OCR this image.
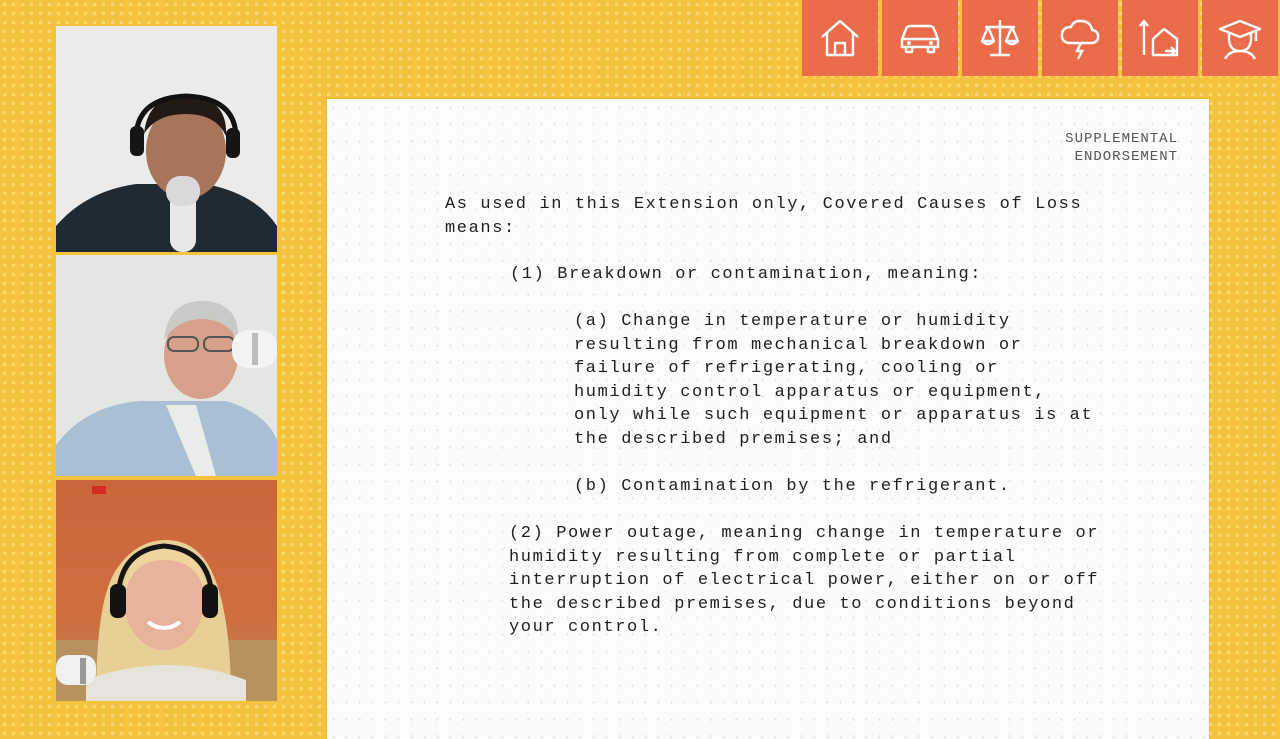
SUPPLEMENTAL
ENDORSEMENT
As used in this Extension only, Covered Causes of Loss
means:
(1) Breakdown or contamination, meaning:
(a) Change in temperature or humidity
resulting from mechanical breakdown or
failure of refrigerating, cooling or
humidity control apparatus or equipment,
only while such equipment or apparatus is at
the described premises; and
(b) Contamination by the refrigerant.
(2) Power outage, meaning change in temperature or
humidity resulting from complete or partial
interruption of electrical power, either on or off
the described premises, due to conditions beyond
your control.
